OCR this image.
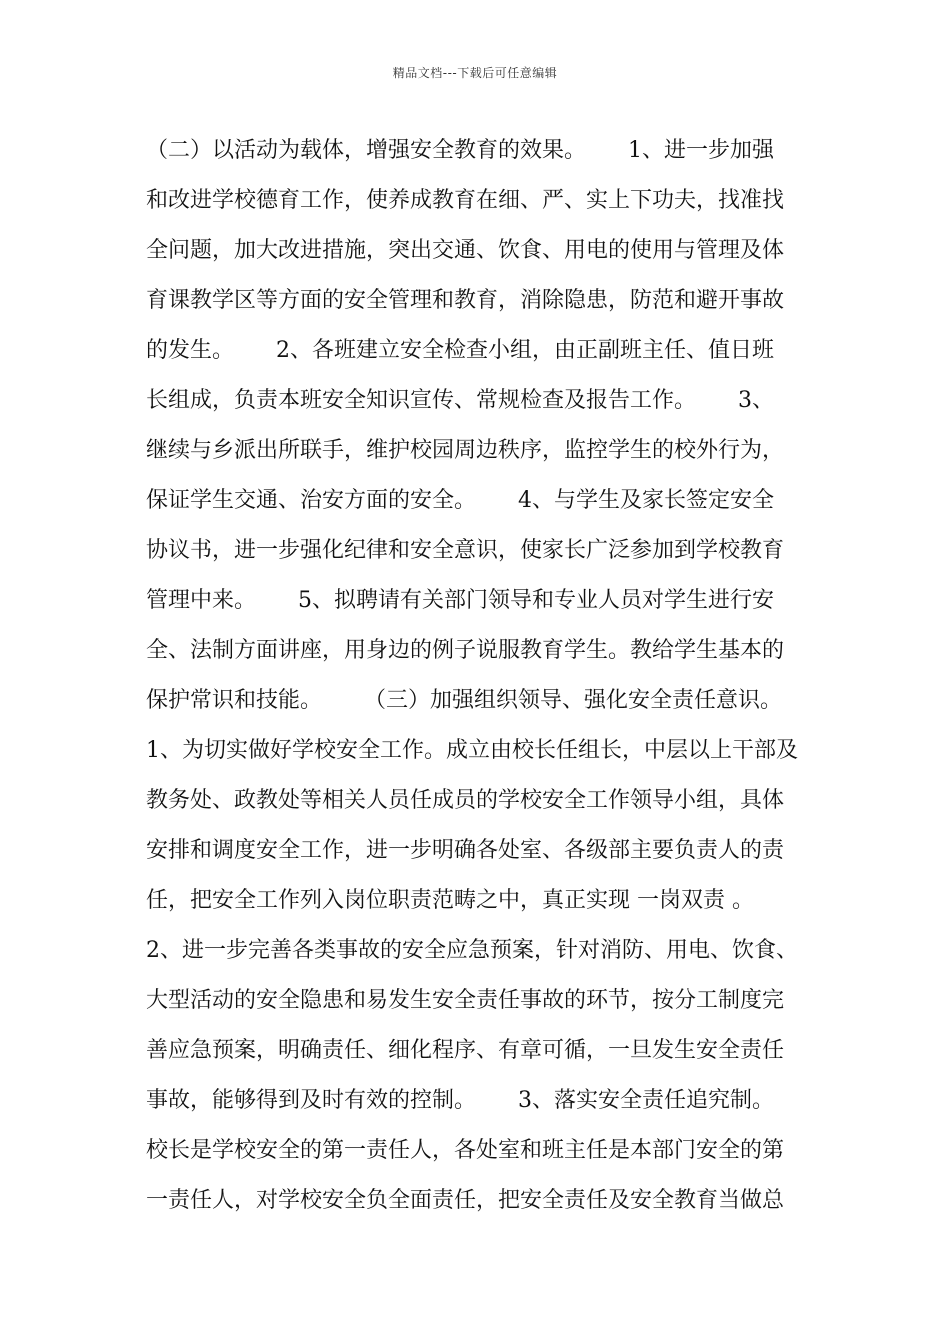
精品文档---下载后可任意编辑
（二）以活动为载体，增强安全教育的效果。      1、进一步加强
和改进学校德育工作，使养成教育在细、严、实上下功夫，找准找
全问题，加大改进措施，突出交通、饮食、用电的使用与管理及体
育课教学区等方面的安全管理和教育，消除隐患，防范和避开事故
的发生。      2、各班建立安全检查小组，由正副班主任、值日班
长组成，负责本班安全知识宣传、常规检查及报告工作。      3、
继续与乡派出所联手，维护校园周边秩序，监控学生的校外行为，
保证学生交通、治安方面的安全。      4、与学生及家长签定安全
协议书，进一步强化纪律和安全意识，使家长广泛参加到学校教育
管理中来。      5、拟聘请有关部门领导和专业人员对学生进行安
全、法制方面讲座，用身边的例子说服教育学生。教给学生基本的
保护常识和技能。      （三）加强组织领导、强化安全责任意识。
1、为切实做好学校安全工作。成立由校长任组长，中层以上干部及
教务处、政教处等相关人员任成员的学校安全工作领导小组，具体
安排和调度安全工作，进一步明确各处室、各级部主要负责人的责
任，把安全工作列入岗位职责范畴之中，真正实现 一岗双责 。
2、进一步完善各类事故的安全应急预案，针对消防、用电、饮食、
大型活动的安全隐患和易发生安全责任事故的环节，按分工制度完
善应急预案，明确责任、细化程序、有章可循，一旦发生安全责任
事故，能够得到及时有效的控制。      3、落实安全责任追究制。
校长是学校安全的第一责任人，各处室和班主任是本部门安全的第
一责任人，对学校安全负全面责任，把安全责任及安全教育当做总
